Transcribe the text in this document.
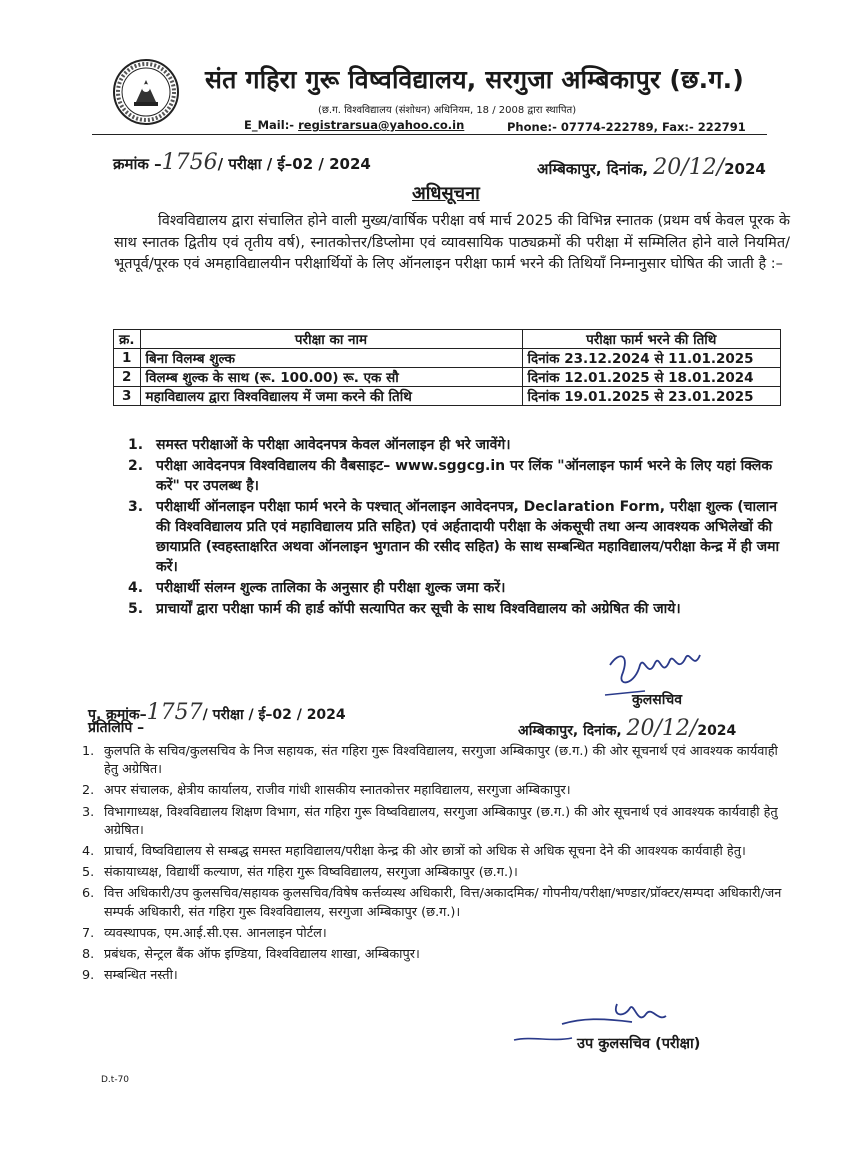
संत गहिरा गुरू विष्वविद्यालय, सरगुजा अम्बिकापुर (छ.ग.)
(छ.ग. विश्वविद्यालय (संशोधन) अधिनियम, 18 / 2008 द्वारा स्थापित)
E_Mail:- registrarsua@yahoo.co.in	Phone:- 07774-222789, Fax:- 222791
क्रमांक –1756/ परीक्षा / ई–02 / 2024	अम्बिकापुर, दिनांक, 20/12/2024
अधिसूचना
विश्वविद्यालय द्वारा संचालित होने वाली मुख्य/वार्षिक परीक्षा वर्ष मार्च 2025 की विभिन्न स्नातक (प्रथम वर्ष केवल पूरक के साथ स्नातक द्वितीय एवं तृतीय वर्ष), स्नातकोत्तर/डिप्लोमा एवं व्यावसायिक पाठ्यक्रमों की परीक्षा में सम्मिलित होने वाले नियमित/भूतपूर्व/पूरक एवं अमहाविद्यालयीन परीक्षार्थियों के लिए ऑनलाइन परीक्षा फार्म भरने की तिथियाँ निम्नानुसार घोषित की जाती है :–
क्र.	परीक्षा का नाम	परीक्षा फार्म भरने की तिथि
1	बिना विलम्ब शुल्क	दिनांक 23.12.2024 से 11.01.2025
2	विलम्ब शुल्क के साथ (रू. 100.00) रू. एक सौ	दिनांक 12.01.2025 से 18.01.2024
3	महाविद्यालय द्वारा विश्वविद्यालय में जमा करने की तिथि	दिनांक 19.01.2025 से 23.01.2025
1. समस्त परीक्षाओं के परीक्षा आवेदनपत्र केवल ऑनलाइन ही भरे जावेंगे।
2. परीक्षा आवेदनपत्र विश्वविद्यालय की वैबसाइट– www.sggcg.in पर लिंक "ऑनलाइन फार्म भरने के लिए यहां क्लिक करें" पर उपलब्ध है।
3. परीक्षार्थी ऑनलाइन परीक्षा फार्म भरने के पश्चात् ऑनलाइन आवेदनपत्र, Declaration Form, परीक्षा शुल्क (चालान की विश्वविद्यालय प्रति एवं महाविद्यालय प्रति सहित) एवं अर्हतादायी परीक्षा के अंकसूची तथा अन्य आवश्यक अभिलेखों की छायाप्रति (स्वहस्ताक्षरित अथवा ऑनलाइन भुगतान की रसीद सहित) के साथ सम्बन्धित महाविद्यालय/परीक्षा केन्द्र में ही जमा करें।
4. परीक्षार्थी संलग्न शुल्क तालिका के अनुसार ही परीक्षा शुल्क जमा करें।
5. प्राचार्यों द्वारा परीक्षा फार्म की हार्ड कॉपी सत्यापित कर सूची के साथ विश्वविद्यालय को अग्रेषित की जाये।
कुलसचिव
पृ. क्रमांक–1757/ परीक्षा / ई–02 / 2024
प्रतिलिपि –	अम्बिकापुर, दिनांक, 20/12/2024
1. कुलपति के सचिव/कुलसचिव के निज सहायक, संत गहिरा गुरू विश्वविद्यालय, सरगुजा अम्बिकापुर (छ.ग.) की ओर सूचनार्थ एवं आवश्यक कार्यवाही हेतु अग्रेषित।
2. अपर संचालक, क्षेत्रीय कार्यालय, राजीव गांधी शासकीय स्नातकोत्तर महाविद्यालय, सरगुजा अम्बिकापुर।
3. विभागाध्यक्ष, विश्वविद्यालय शिक्षण विभाग, संत गहिरा गुरू विष्वविद्यालय, सरगुजा अम्बिकापुर (छ.ग.) की ओर सूचनार्थ एवं आवश्यक कार्यवाही हेतु अग्रेषित।
4. प्राचार्य, विष्वविद्यालय से सम्बद्ध समस्त महाविद्यालय/परीक्षा केन्द्र की ओर छात्रों को अधिक से अधिक सूचना देने की आवश्यक कार्यवाही हेतु।
5. संकायाध्यक्ष, विद्यार्थी कल्याण, संत गहिरा गुरू विष्वविद्यालय, सरगुजा अम्बिकापुर (छ.ग.)।
6. वित्त अधिकारी/उप कुलसचिव/सहायक कुलसचिव/विषेष कर्त्तव्यस्थ अधिकारी, वित्त/अकादमिक/ गोपनीय/परीक्षा/भण्डार/प्रॉक्टर/सम्पदा अधिकारी/जन सम्पर्क अधिकारी, संत गहिरा गुरू विश्वविद्यालय, सरगुजा अम्बिकापुर (छ.ग.)।
7. व्यवस्थापक, एम.आई.सी.एस. आनलाइन पोर्टल।
8. प्रबंधक, सेन्ट्रल बैंक ऑफ इण्डिया, विश्वविद्यालय शाखा, अम्बिकापुर।
9. सम्बन्धित नस्ती।
उप कुलसचिव (परीक्षा)
D.t-70
